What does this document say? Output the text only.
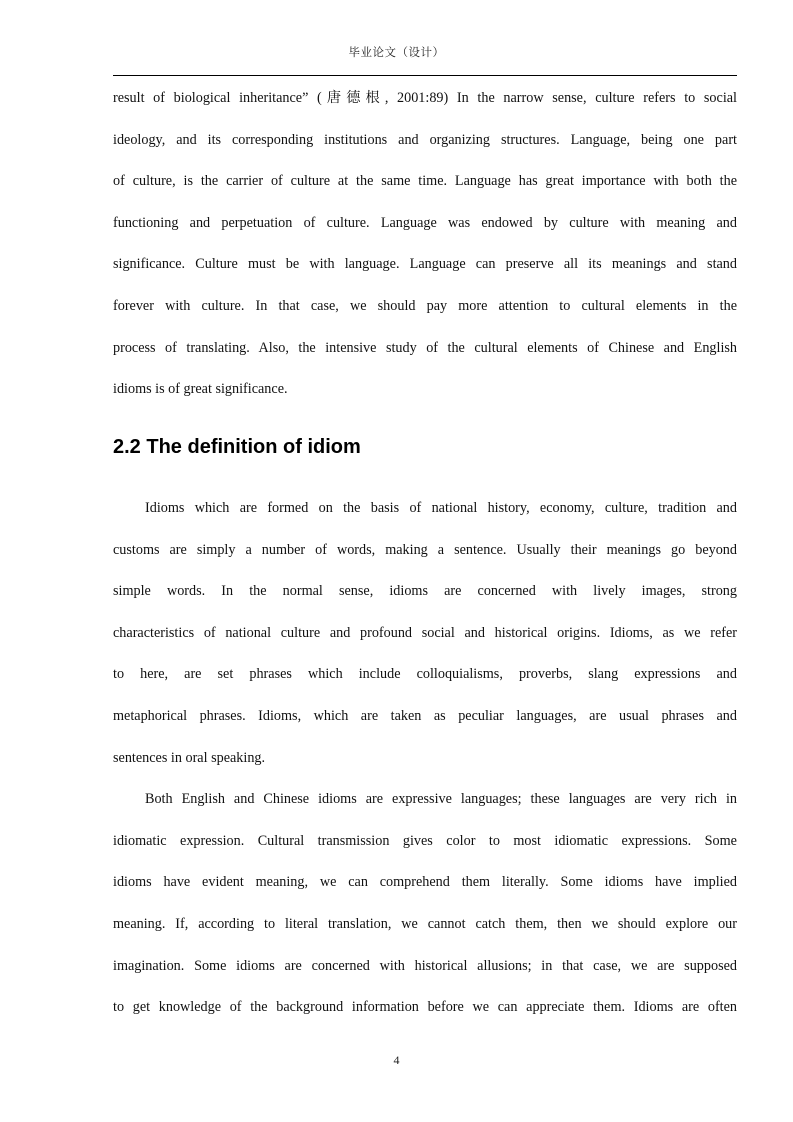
毕业论文（设计）
result of biological inheritance” (唐德根, 2001:89) In the narrow sense, culture refers to social
ideology, and its corresponding institutions and organizing structures. Language, being one part
of culture, is the carrier of culture at the same time. Language has great importance with both the
functioning and perpetuation of culture. Language was endowed by culture with meaning and
significance. Culture must be with language. Language can preserve all its meanings and stand
forever with culture. In that case, we should pay more attention to cultural elements in the
process of translating. Also, the intensive study of the cultural elements of Chinese and English
idioms is of great significance.
2.2 The definition of idiom
Idioms which are formed on the basis of national history, economy, culture, tradition and
customs are simply a number of words, making a sentence. Usually their meanings go beyond
simple words. In the normal sense, idioms are concerned with lively images, strong
characteristics of national culture and profound social and historical origins. Idioms, as we refer
to here, are set phrases which include colloquialisms, proverbs, slang expressions and
metaphorical phrases. Idioms, which are taken as peculiar languages, are usual phrases and
sentences in oral speaking.
Both English and Chinese idioms are expressive languages; these languages are very rich in
idiomatic expression. Cultural transmission gives color to most idiomatic expressions. Some
idioms have evident meaning, we can comprehend them literally. Some idioms have implied
meaning. If, according to literal translation, we cannot catch them, then we should explore our
imagination. Some idioms are concerned with historical allusions; in that case, we are supposed
to get knowledge of the background information before we can appreciate them. Idioms are often
4
